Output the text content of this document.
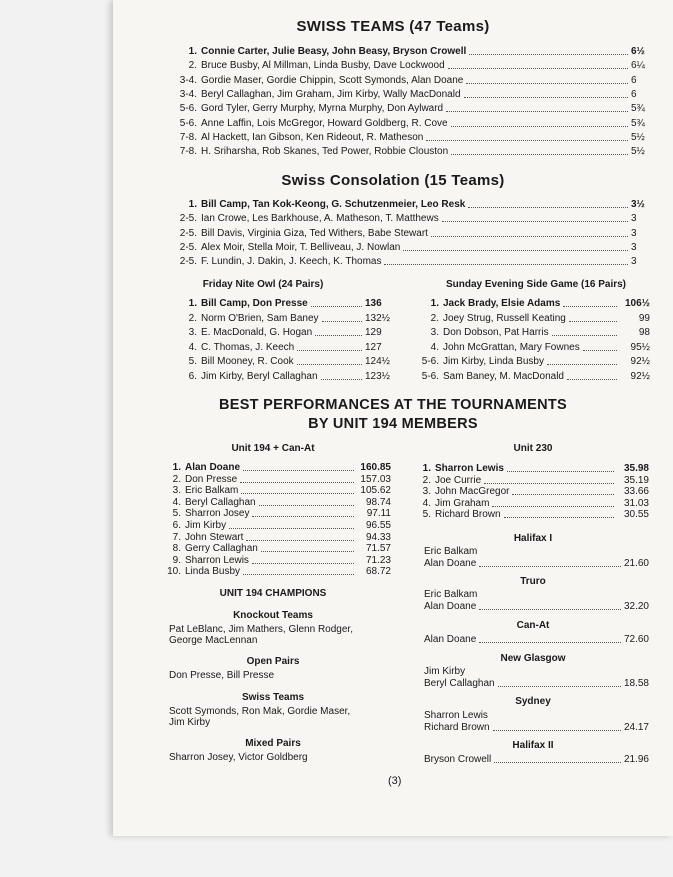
SWISS TEAMS (47 Teams)
1. Connie Carter, Julie Beasy, John Beasy, Bryson Crowell	6½
2. Bruce Busby, Al Millman, Linda Busby, Dave Lockwood	6¼
3-4. Gordie Maser, Gordie Chippin, Scott Symonds, Alan Doane	6
3-4. Beryl Callaghan, Jim Graham, Jim Kirby, Wally MacDonald	6
5-6. Gord Tyler, Gerry Murphy, Myrna Murphy, Don Aylward	5¾
5-6. Anne Laffin, Lois McGregor, Howard Goldberg, R. Cove	5¾
7-8. Al Hackett, Ian Gibson, Ken Rideout, R. Matheson	5½
7-8. H. Sriharsha, Rob Skanes, Ted Power, Robbie Clouston	5½
Swiss Consolation (15 Teams)
1. Bill Camp, Tan Kok-Keong, G. Schutzenmeier, Leo Resk	3½
2-5. Ian Crowe, Les Barkhouse, A. Matheson, T. Matthews	3
2-5. Bill Davis, Virginia Giza, Ted Withers, Babe Stewart	3
2-5. Alex Moir, Stella Moir, T. Belliveau, J. Nowlan	3
2-5. F. Lundin, J. Dakin, J. Keech, K. Thomas	3
Friday Nite Owl (24 Pairs)
1. Bill Camp, Don Presse	136
2. Norm O'Brien, Sam Baney	132½
3. E. MacDonald, G. Hogan	129
4. C. Thomas, J. Keech	127
5. Bill Mooney, R. Cook	124½
6. Jim Kirby, Beryl Callaghan	123½
Sunday Evening Side Game (16 Pairs)
1. Jack Brady, Elsie Adams	106½
2. Joey Strug, Russell Keating	99
3. Don Dobson, Pat Harris	98
4. John McGrattan, Mary Fownes	95½
5-6. Jim Kirby, Linda Busby	92½
5-6. Sam Baney, M. MacDonald	92½
BEST PERFORMANCES AT THE TOURNAMENTS
BY UNIT 194 MEMBERS
Unit 194 + Can-At
1. Alan Doane	160.85
2. Don Presse	157.03
3. Eric Balkam	105.62
4. Beryl Callaghan	98.74
5. Sharron Josey	97.11
6. Jim Kirby	96.55
7. John Stewart	94.33
8. Gerry Callaghan	71.57
9. Sharron Lewis	71.23
10. Linda Busby	68.72
Unit 230
1. Sharron Lewis	35.98
2. Joe Currie	35.19
3. John MacGregor	33.66
4. Jim Graham	31.03
5. Richard Brown	30.55
UNIT 194 CHAMPIONS
Knockout Teams
Pat LeBlanc, Jim Mathers, Glenn Rodger,
George MacLennan
Open Pairs
Don Presse, Bill Presse
Swiss Teams
Scott Symonds, Ron Mak, Gordie Maser,
Jim Kirby
Mixed Pairs
Sharron Josey, Victor Goldberg
Halifax I
Eric Balkam
Alan Doane	21.60
Truro
Eric Balkam
Alan Doane	32.20
Can-At
Alan Doane	72.60
New Glasgow
Jim Kirby
Beryl Callaghan	18.58
Sydney
Sharron Lewis
Richard Brown	24.17
Halifax II
Bryson Crowell	21.96
(3)
